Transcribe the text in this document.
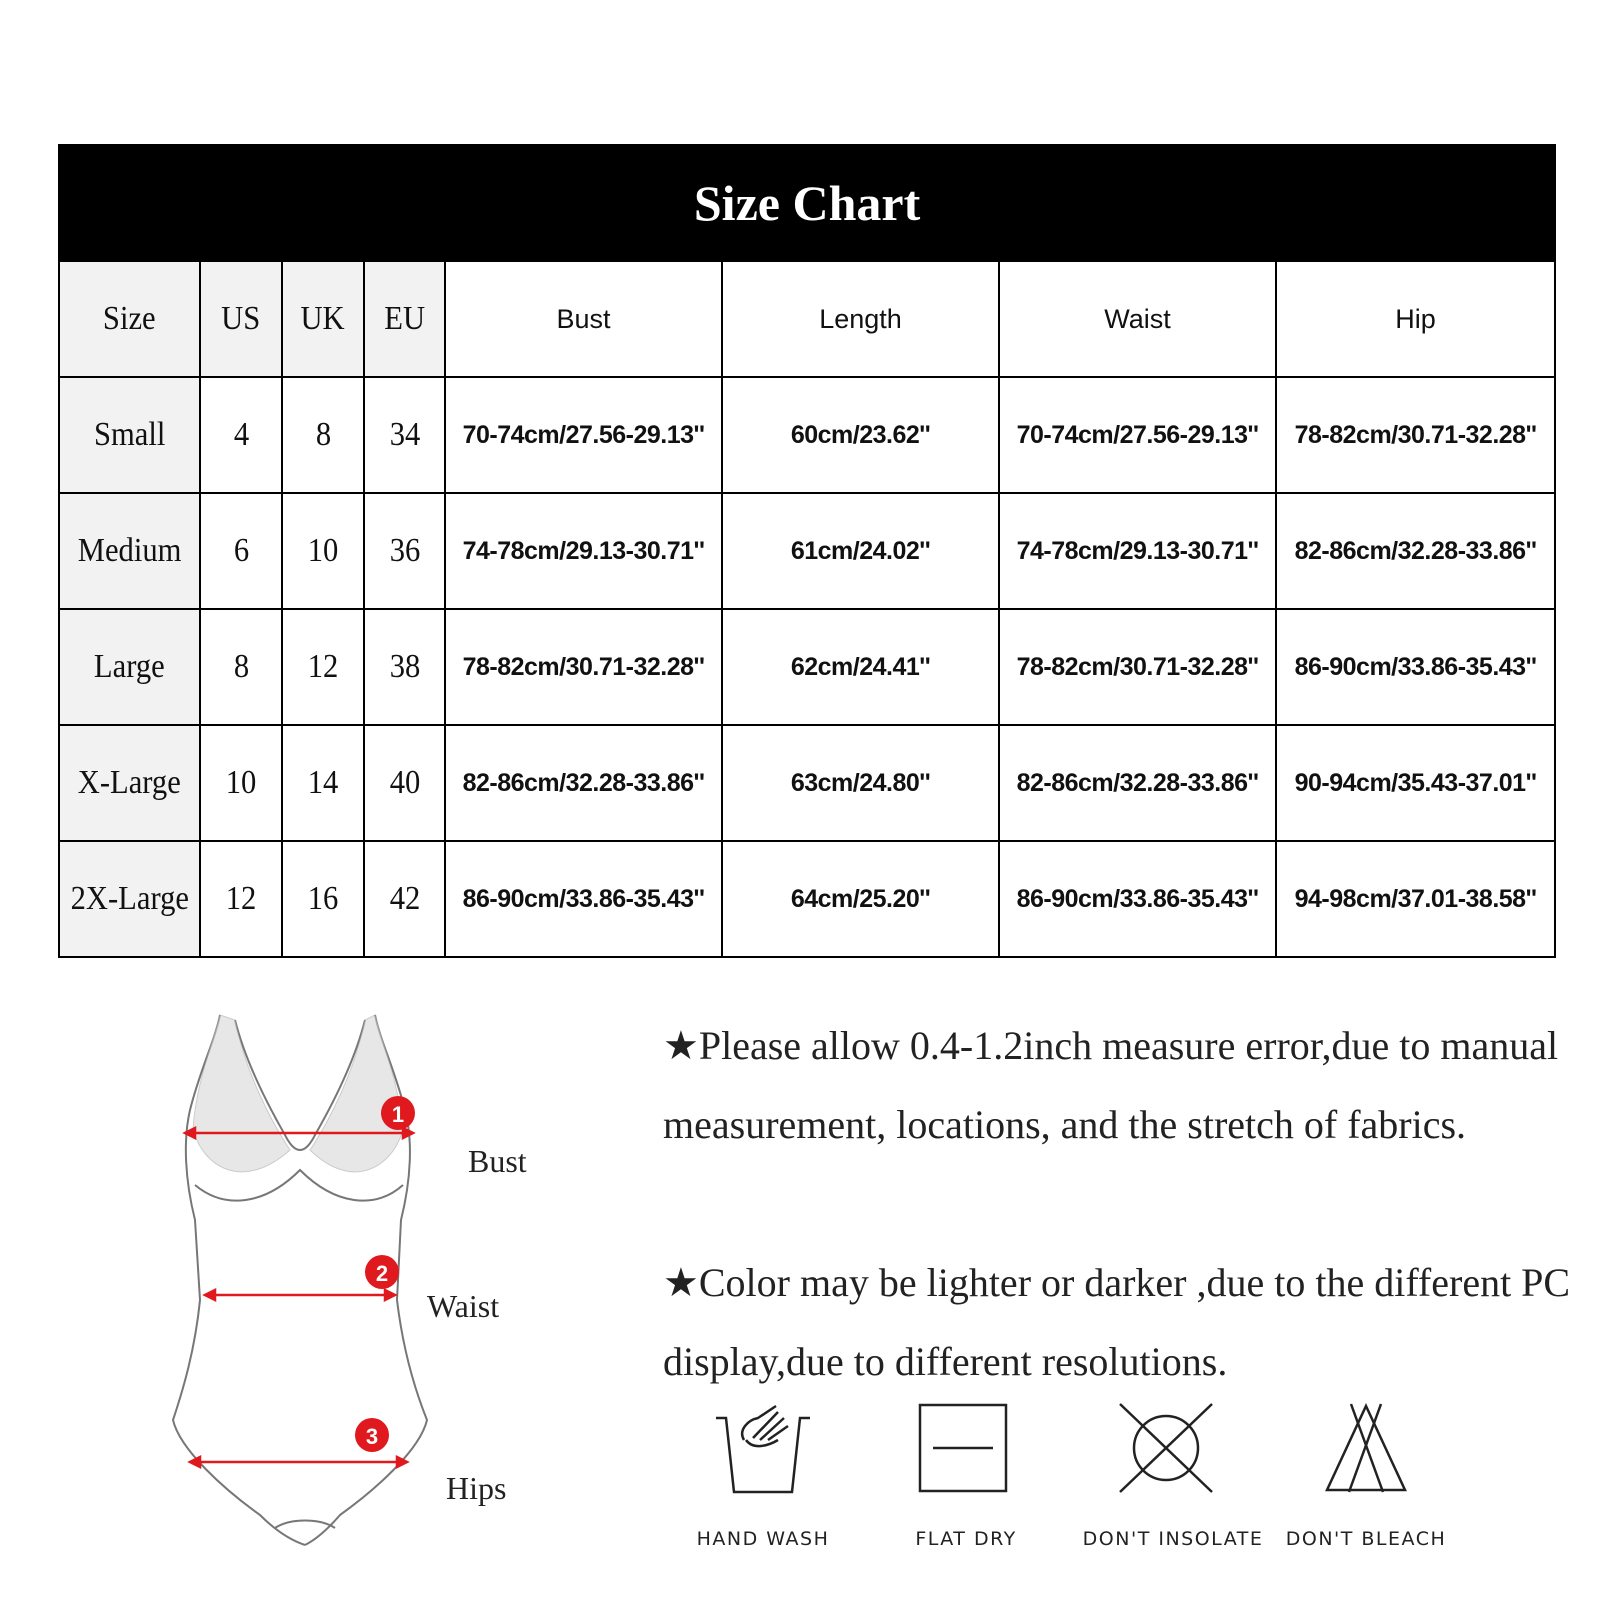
Size Chart							
Size	US	UK	EU	Bust	Length	Waist	Hip
Small	4	8	34	70-74cm/27.56-29.13''	60cm/23.62''	70-74cm/27.56-29.13''	78-82cm/30.71-32.28''
Medium	6	10	36	74-78cm/29.13-30.71''	61cm/24.02''	74-78cm/29.13-30.71''	82-86cm/32.28-33.86''
Large	8	12	38	78-82cm/30.71-32.28''	62cm/24.41''	78-82cm/30.71-32.28''	86-90cm/33.86-35.43''
X-Large	10	14	40	82-86cm/32.28-33.86''	63cm/24.80''	82-86cm/32.28-33.86''	90-94cm/35.43-37.01''
2X-Large	12	16	42	86-90cm/33.86-35.43''	64cm/25.20''	86-90cm/33.86-35.43''	94-98cm/37.01-38.58''
1
2
3
Bust
Waist
Hips

★Please allow 0.4-1.2inch measure error,due to manual measurement, locations, and the stretch of fabrics.

★Color may be lighter or darker ,due to the different PC display,due to different resolutions.

HAND WASH	FLAT DRY	DON'T INSOLATE	DON'T BLEACH
